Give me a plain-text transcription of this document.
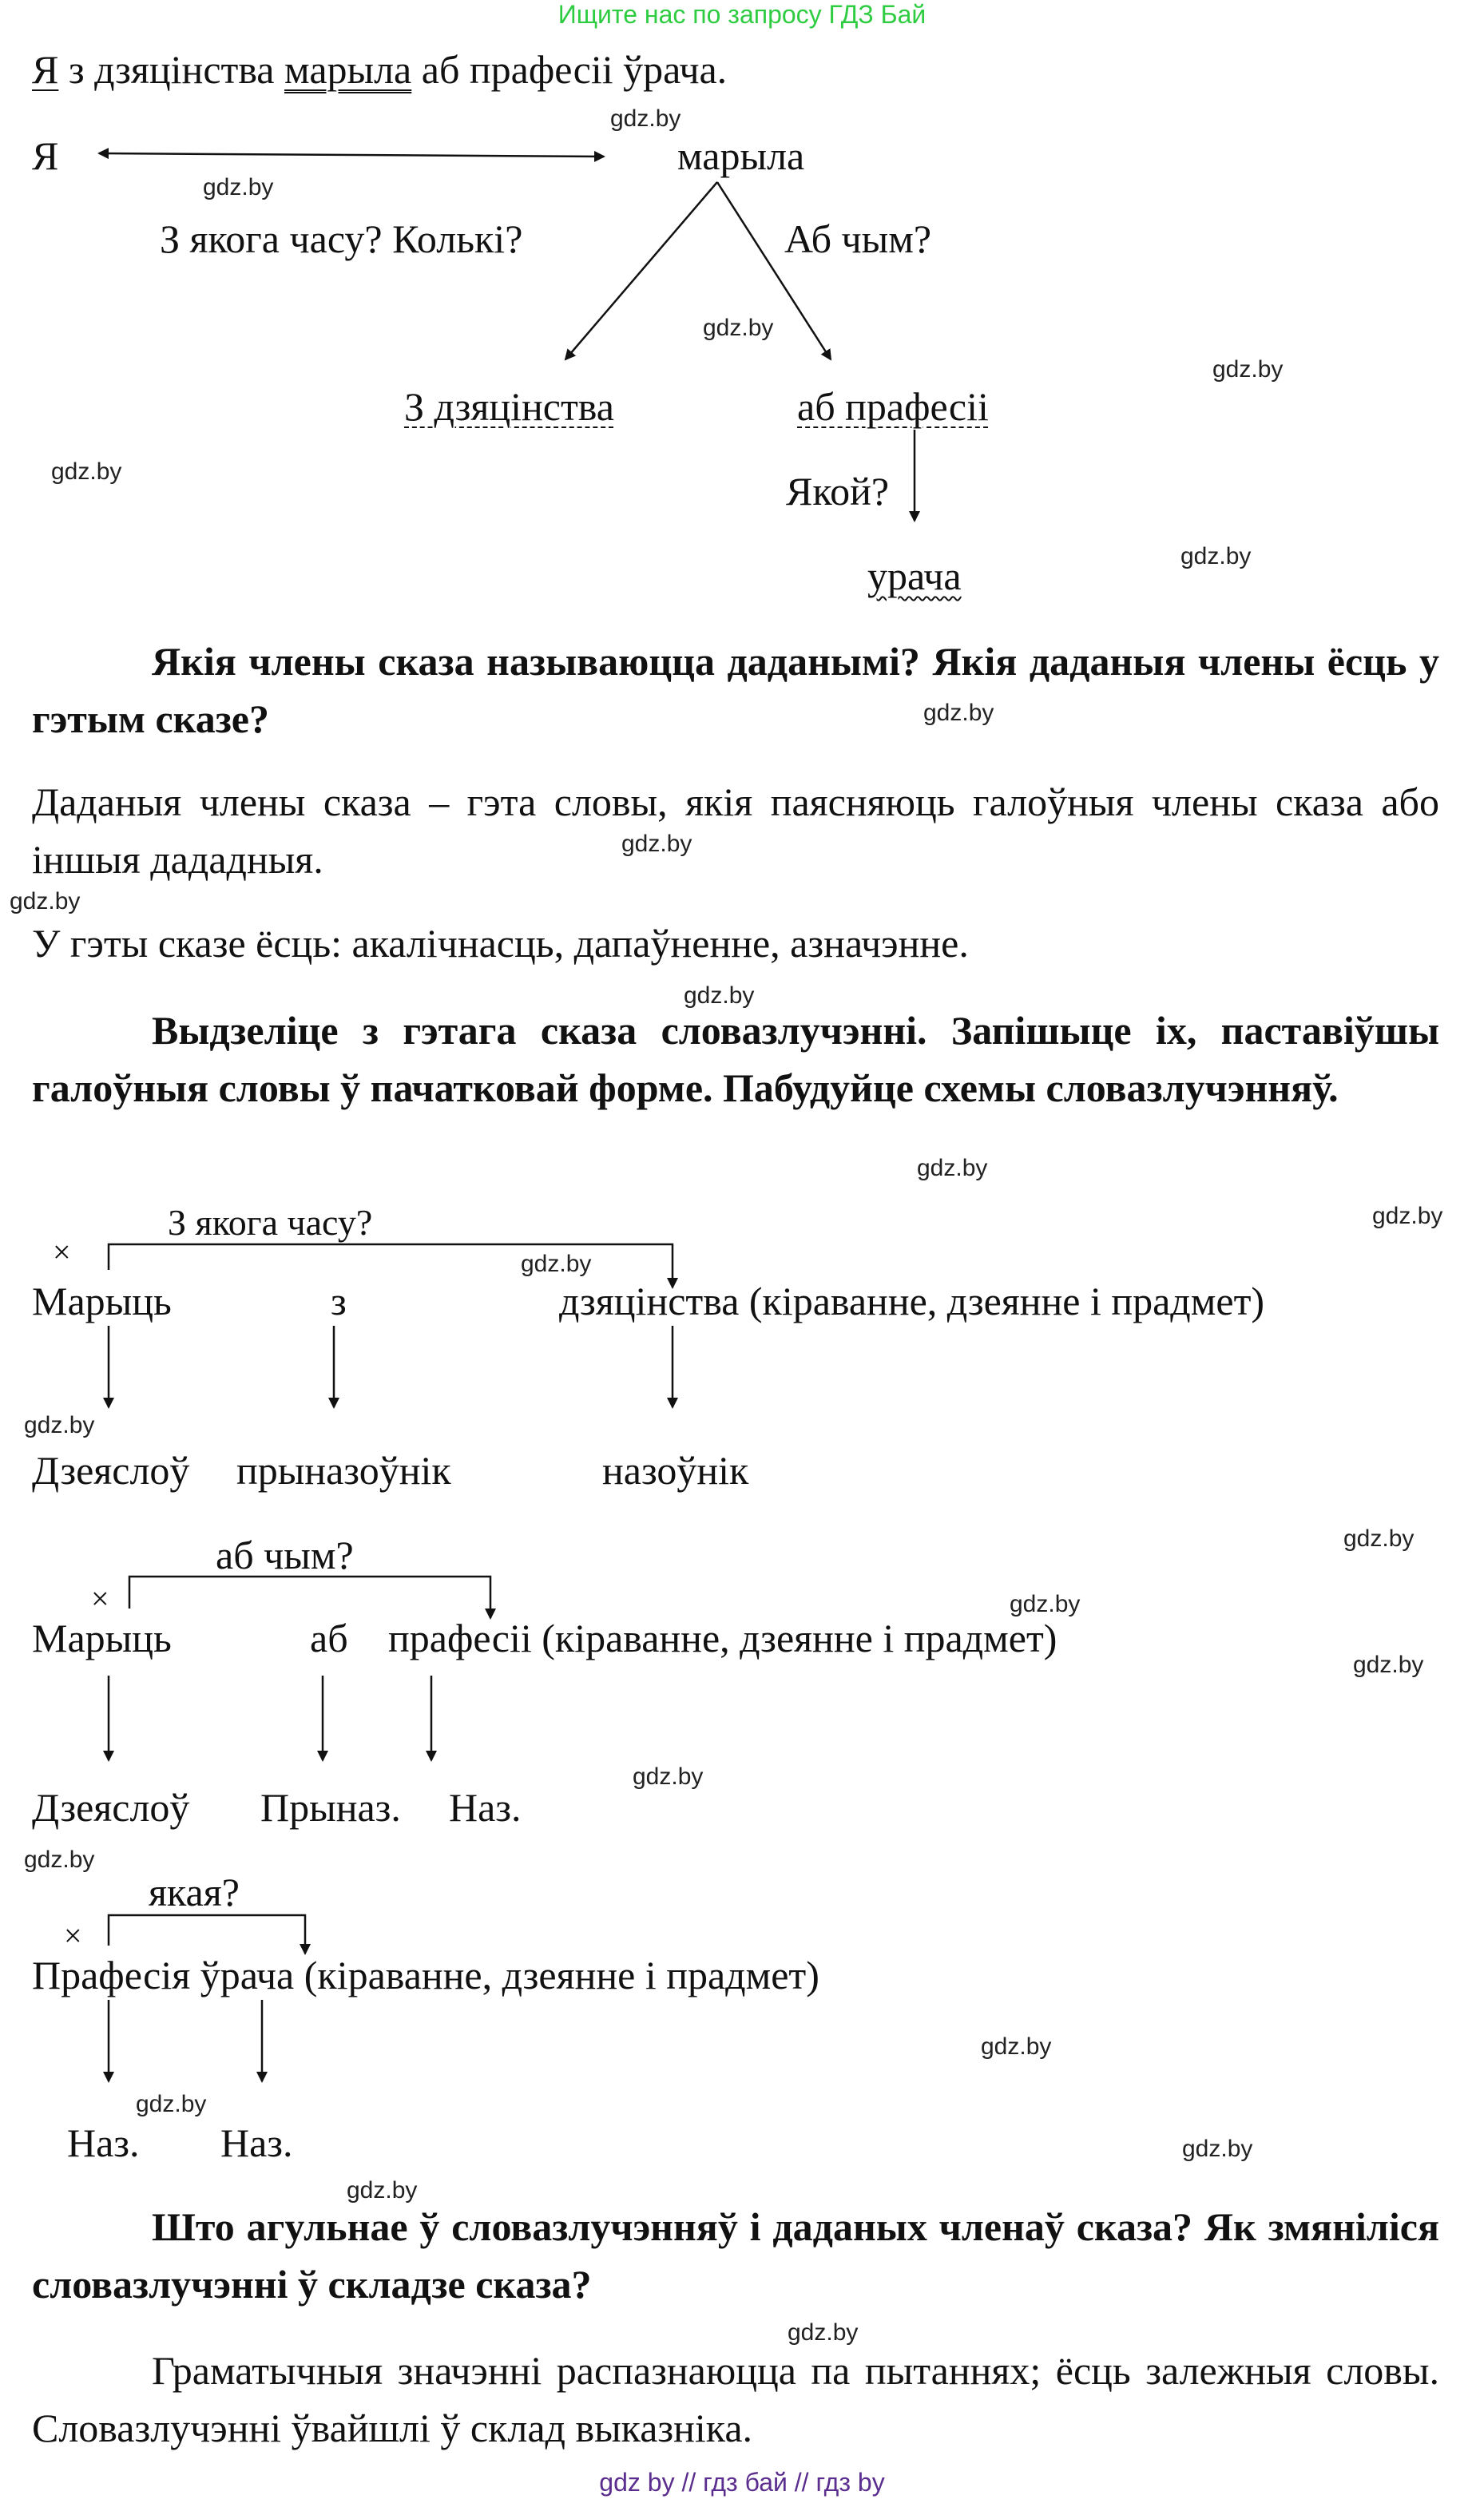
Ищите нас по запросу ГДЗ Бай
Я з дзяцінства марыла аб прафесіі ўрача.
Я	марыла
З якога часу? Колькі?	Аб чым?
З дзяцінства	аб прафесіі
Якой?
урача
Якія члены сказа называюцца даданымі? Якія даданыя члены ёсць у гэтым сказе?
Даданыя члены сказа – гэта словы, якія паясняюць галоўныя члены сказа або іншыя дададныя.
У гэты сказе ёсць: акалічнасць, дапаўненне, азначэнне.
Выдзеліце з гэтага сказа словазлучэнні. Запішыце іх, паставіўшы галоўныя словы ў пачатковай форме. Пабудуйце схемы словазлучэнняў.
×
З якога часу?
Марыць	з	дзяцінства (кіраванне, дзеянне і прадмет)
Дзеяслоў прыназоўнік	назоўнік
×
аб чым?
Марыць	аб прафесіі (кіраванне, дзеянне і прадмет)
Дзеяслоў Прыназ. Наз.
×
якая?
Прафесія ўрача (кіраванне, дзеянне і прадмет)
Наз. Наз.
Што агульнае ў словазлучэнняў і даданых членаў сказа? Як змяніліся словазлучэнні ў складзе сказа?
Граматычныя значэнні распазнаюцца па пытаннях; ёсць залежныя словы. Словазлучэнні ўвайшлі ў склад выказніка.
gdz.by
gdz.by
gdz.by
gdz.by
gdz.by
gdz.by
gdz.by
gdz.by
gdz.by
gdz.by
gdz.by
gdz.by
gdz.by
gdz.by
gdz.by
gdz.by
gdz.by
gdz.by
gdz.by
gdz.by
gdz.by
gdz.by
gdz.by
gdz.by
gdz by // гдз бай // гдз by
